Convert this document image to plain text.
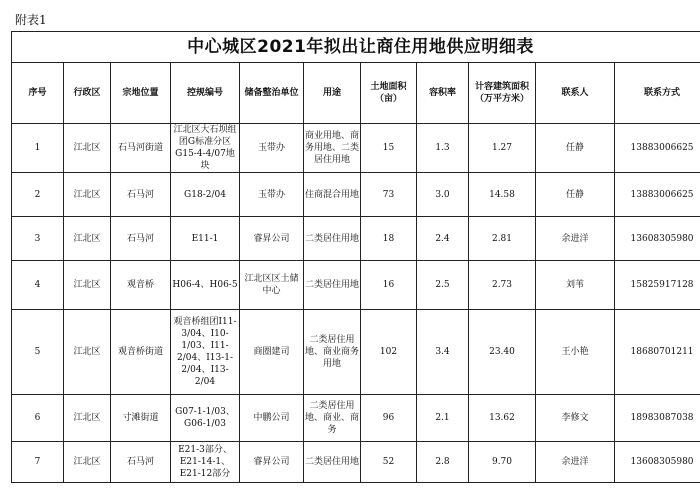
附表1
中心城区2021年拟出让商住用地供应明细表										
序号	行政区	宗地位置	控规编号	储备整治单位	用途	土地面积（亩）	容积率	计容建筑面积（万平方米）	联系人	联系方式
1	江北区	石马河街道	江北区大石坝组团G标准分区G15-4-4/07地块	玉带办	商业用地、商务用地、二类居住用地	15	1.3	1.27	任静	13883006625
2	江北区	石马河	G18-2/04	玉带办	住商混合用地	73	3.0	14.58	任静	13883006625
3	江北区	石马河	E11-1	睿昇公司	二类居住用地	18	2.4	2.81	余进洋	13608305980
4	江北区	观音桥	H06-4、H06-5	江北区区土储中心	二类居住用地	16	2.5	2.73	刘苇	15825917128
5	江北区	观音桥街道	观音桥组团I11-3/04、I10-1/03、I11-2/04、I13-1-2/04、I13-2/04	商圈建司	二类居住用地、商业商务用地	102	3.4	23.40	王小艳	18680701211
6	江北区	寸滩街道	G07-1-1/03、G06-1/03	中鹏公司	二类居住用地、商业、商务	96	2.1	13.62	李修文	18983087038
7	江北区	石马河	E21-3部分、E21-14-1、E21-12部分	睿昇公司	二类居住用地	52	2.8	9.70	余进洋	13608305980
